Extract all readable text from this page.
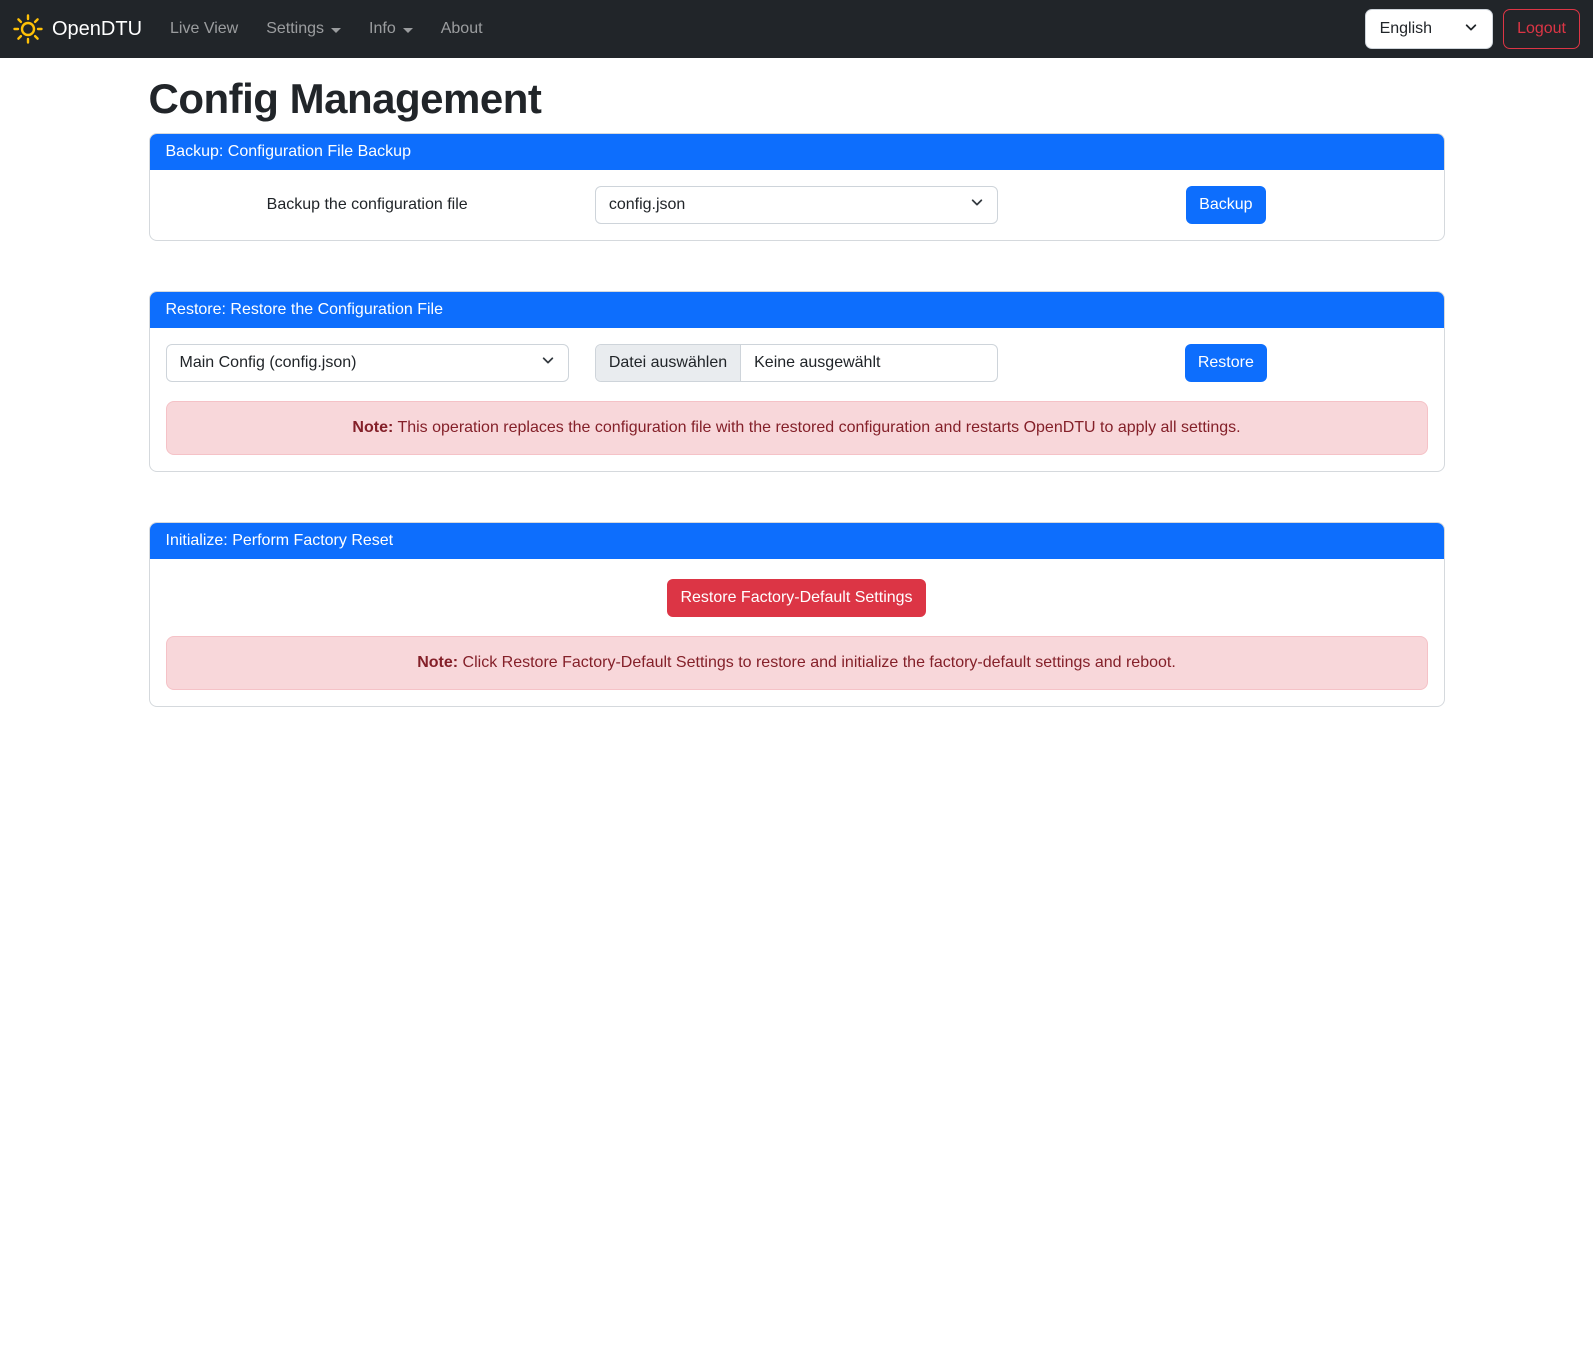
OpenDTU Live View Settings	Info	About	English	Logout
Config Management
Backup: Configuration File Backup
Backup the configuration file	config.json	Backup
Restore: Restore the Configuration File
Main Config (config.json)	Datei auswählen	Keine ausgewählt	Restore
Note: This operation replaces the configuration file with the restored configuration and restarts OpenDTU to apply all settings.
Initialize: Perform Factory Reset
Restore Factory-Default Settings
Note: Click Restore Factory-Default Settings to restore and initialize the factory-default settings and reboot.
